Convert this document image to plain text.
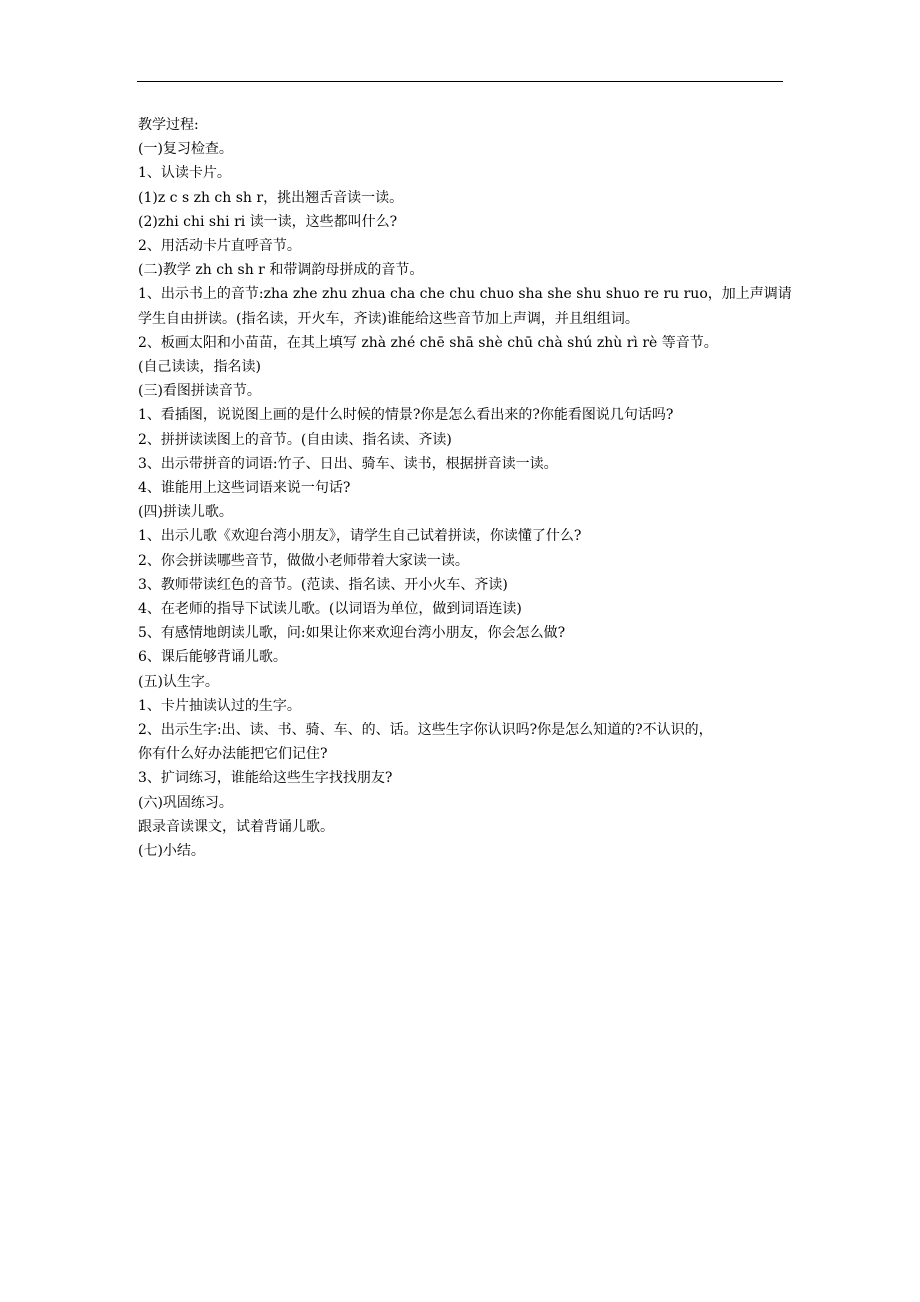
教学过程:
(一)复习检查。
1、认读卡片。
(1)z c s zh ch sh r，挑出翘舌音读一读。
(2)zhi chi shi ri 读一读，这些都叫什么?
2、用活动卡片直呼音节。
(二)教学 zh ch sh r 和带调韵母拼成的音节。
1、出示书上的音节:zha zhe zhu zhua cha che chu chuo sha she shu shuo re ru ruo，加上声调请
学生自由拼读。(指名读，开火车，齐读)谁能给这些音节加上声调，并且组组词。
2、板画太阳和小苗苗，在其上填写 zhà zhé chē shā shè chū chà shú zhù rì rè 等音节。
(自己读读，指名读)
(三)看图拼读音节。
1、看插图，说说图上画的是什么时候的情景?你是怎么看出来的?你能看图说几句话吗?
2、拼拼读读图上的音节。(自由读、指名读、齐读)
3、出示带拼音的词语:竹子、日出、骑车、读书，根据拼音读一读。
4、谁能用上这些词语来说一句话?
(四)拼读儿歌。
1、出示儿歌《欢迎台湾小朋友》，请学生自己试着拼读，你读懂了什么?
2、你会拼读哪些音节，做做小老师带着大家读一读。
3、教师带读红色的音节。(范读、指名读、开小火车、齐读)
4、在老师的指导下试读儿歌。(以词语为单位，做到词语连读)
5、有感情地朗读儿歌，问:如果让你来欢迎台湾小朋友，你会怎么做?
6、课后能够背诵儿歌。
(五)认生字。
1、卡片抽读认过的生字。
2、出示生字:出、读、书、骑、车、的、话。这些生字你认识吗?你是怎么知道的?不认识的，
你有什么好办法能把它们记住?
3、扩词练习，谁能给这些生字找找朋友?
(六)巩固练习。
跟录音读课文，试着背诵儿歌。
(七)小结。
